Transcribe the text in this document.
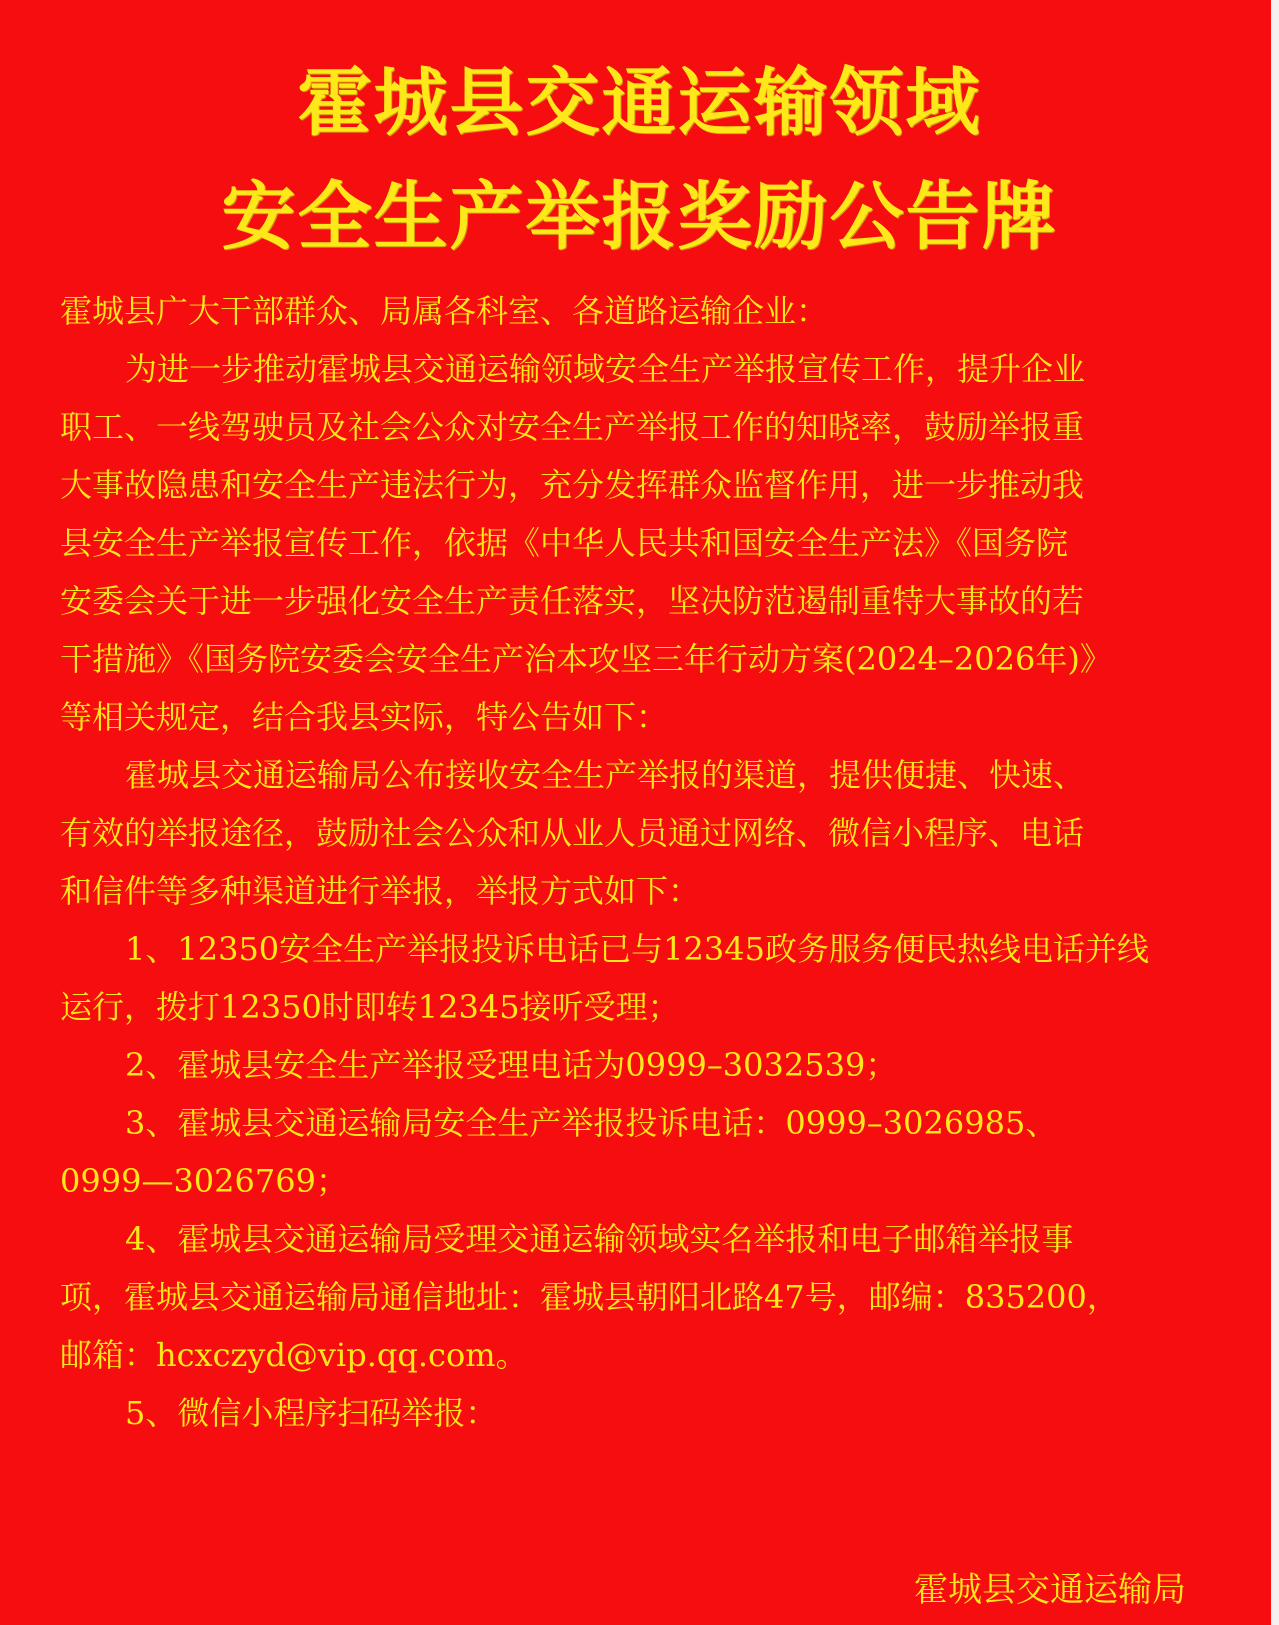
霍城县交通运输领域
安全生产举报奖励公告牌
霍城县广大干部群众、局属各科室、各道路运输企业：
为进一步推动霍城县交通运输领域安全生产举报宣传工作，提升企业
职工、一线驾驶员及社会公众对安全生产举报工作的知晓率，鼓励举报重
大事故隐患和安全生产违法行为，充分发挥群众监督作用，进一步推动我
县安全生产举报宣传工作，依据《中华人民共和国安全生产法》《国务院
安委会关于进一步强化安全生产责任落实，坚决防范遏制重特大事故的若
干措施》《国务院安委会安全生产治本攻坚三年行动方案(2024–2026年)》
等相关规定，结合我县实际，特公告如下：
霍城县交通运输局公布接收安全生产举报的渠道，提供便捷、快速、
有效的举报途径，鼓励社会公众和从业人员通过网络、微信小程序、电话
和信件等多种渠道进行举报，举报方式如下：
1、12350安全生产举报投诉电话已与12345政务服务便民热线电话并线
运行，拨打12350时即转12345接听受理；
2、霍城县安全生产举报受理电话为0999–3032539；
3、霍城县交通运输局安全生产举报投诉电话：0999–3026985、
0999—3026769；
4、霍城县交通运输局受理交通运输领域实名举报和电子邮箱举报事
项，霍城县交通运输局通信地址：霍城县朝阳北路47号，邮编：835200，
邮箱：hcxczyd@vip.qq.com。
5、微信小程序扫码举报：
霍城县交通运输局
